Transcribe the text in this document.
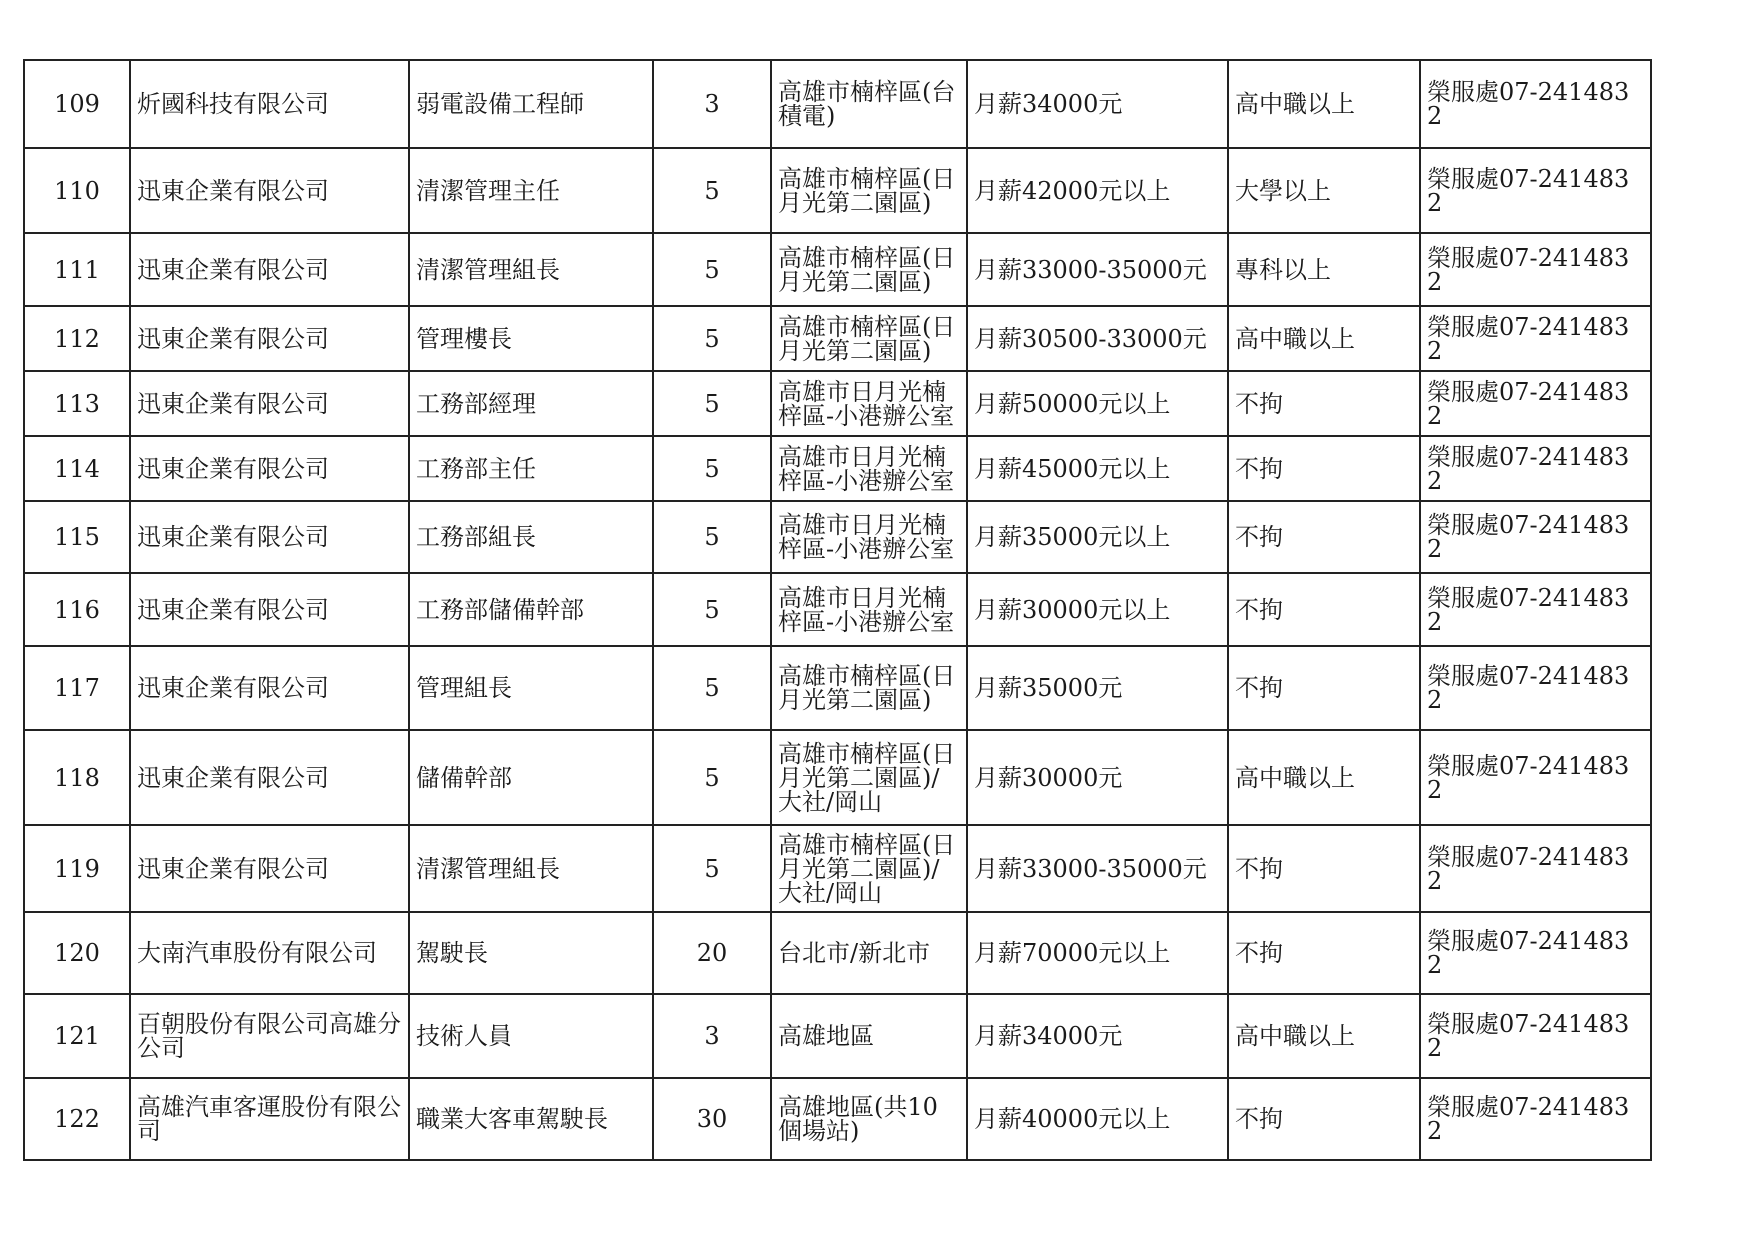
109	炘國科技有限公司	弱電設備工程師	3	高雄市楠梓區(台積電)	月薪34000元	高中職以上	榮服處07-2414832
110	迅東企業有限公司	清潔管理主任	5	高雄市楠梓區(日月光第二園區)	月薪42000元以上	大學以上	榮服處07-2414832
111	迅東企業有限公司	清潔管理組長	5	高雄市楠梓區(日月光第二園區)	月薪33000-35000元	專科以上	榮服處07-2414832
112	迅東企業有限公司	管理樓長	5	高雄市楠梓區(日月光第二園區)	月薪30500-33000元	高中職以上	榮服處07-2414832
113	迅東企業有限公司	工務部經理	5	高雄市日月光楠梓區-小港辦公室	月薪50000元以上	不拘	榮服處07-2414832
114	迅東企業有限公司	工務部主任	5	高雄市日月光楠梓區-小港辦公室	月薪45000元以上	不拘	榮服處07-2414832
115	迅東企業有限公司	工務部組長	5	高雄市日月光楠梓區-小港辦公室	月薪35000元以上	不拘	榮服處07-2414832
116	迅東企業有限公司	工務部儲備幹部	5	高雄市日月光楠梓區-小港辦公室	月薪30000元以上	不拘	榮服處07-2414832
117	迅東企業有限公司	管理組長	5	高雄市楠梓區(日月光第二園區)	月薪35000元	不拘	榮服處07-2414832
118	迅東企業有限公司	儲備幹部	5	高雄市楠梓區(日月光第二園區)/大社/岡山	月薪30000元	高中職以上	榮服處07-2414832
119	迅東企業有限公司	清潔管理組長	5	高雄市楠梓區(日月光第二園區)/大社/岡山	月薪33000-35000元	不拘	榮服處07-2414832
120	大南汽車股份有限公司	駕駛長	20	台北市/新北市	月薪70000元以上	不拘	榮服處07-2414832
121	百朝股份有限公司高雄分公司	技術人員	3	高雄地區	月薪34000元	高中職以上	榮服處07-2414832
122	高雄汽車客運股份有限公司	職業大客車駕駛長	30	高雄地區(共10個場站)	月薪40000元以上	不拘	榮服處07-2414832
